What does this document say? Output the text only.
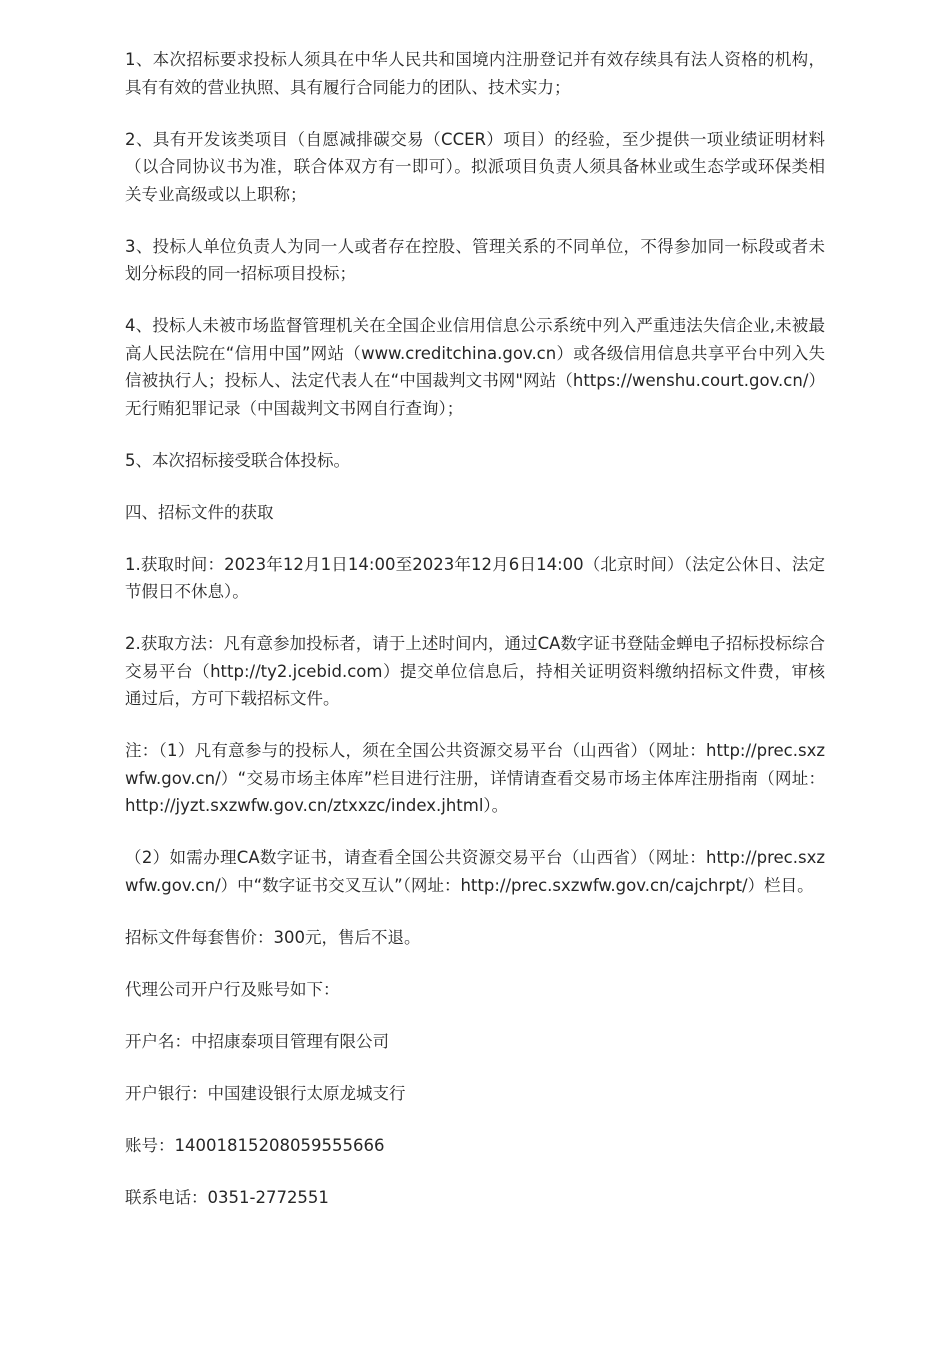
1、本次招标要求投标人须具在中华人民共和国境内注册登记并有效存续具有法人资格的机构，具有有效的营业执照、具有履行合同能力的团队、技术实力；

2、具有开发该类项目（自愿减排碳交易（CCER）项目）的经验，至少提供一项业绩证明材料（以合同协议书为准，联合体双方有一即可）。拟派项目负责人须具备林业或生态学或环保类相关专业高级或以上职称；

3、投标人单位负责人为同一人或者存在控股、管理关系的不同单位，不得参加同一标段或者未划分标段的同一招标项目投标；

4、投标人未被市场监督管理机关在全国企业信用信息公示系统中列入严重违法失信企业,未被最高人民法院在“信用中国”网站（www.creditchina.gov.cn）或各级信用信息共享平台中列入失信被执行人；投标人、法定代表人在“中国裁判文书网"网站（https://wenshu.court.gov.cn/）无行贿犯罪记录（中国裁判文书网自行查询）；

5、本次招标接受联合体投标。

四、招标文件的获取

1.获取时间：2023年12月1日14:00至2023年12月6日14:00（北京时间）（法定公休日、法定节假日不休息）。

2.获取方法：凡有意参加投标者，请于上述时间内，通过CA数字证书登陆金蝉电子招标投标综合交易平台（http://ty2.jcebid.com）提交单位信息后，持相关证明资料缴纳招标文件费，审核通过后，方可下载招标文件。

注：（1）凡有意参与的投标人，须在全国公共资源交易平台（山西省）（网址：http://prec.sxzwfw.gov.cn/）“交易市场主体库”栏目进行注册，详情请查看交易市场主体库注册指南（网址：http://jyzt.sxzwfw.gov.cn/ztxxzc/index.jhtml）。

（2）如需办理CA数字证书，请查看全国公共资源交易平台（山西省）（网址：http://prec.sxzwfw.gov.cn/）中“数字证书交叉互认”（网址：http://prec.sxzwfw.gov.cn/cajchrpt/）栏目。

招标文件每套售价：300元，售后不退。

代理公司开户行及账号如下：

开户名：中招康泰项目管理有限公司

开户银行：中国建设银行太原龙城支行

账号：14001815208059555666

联系电话：0351-2772551
